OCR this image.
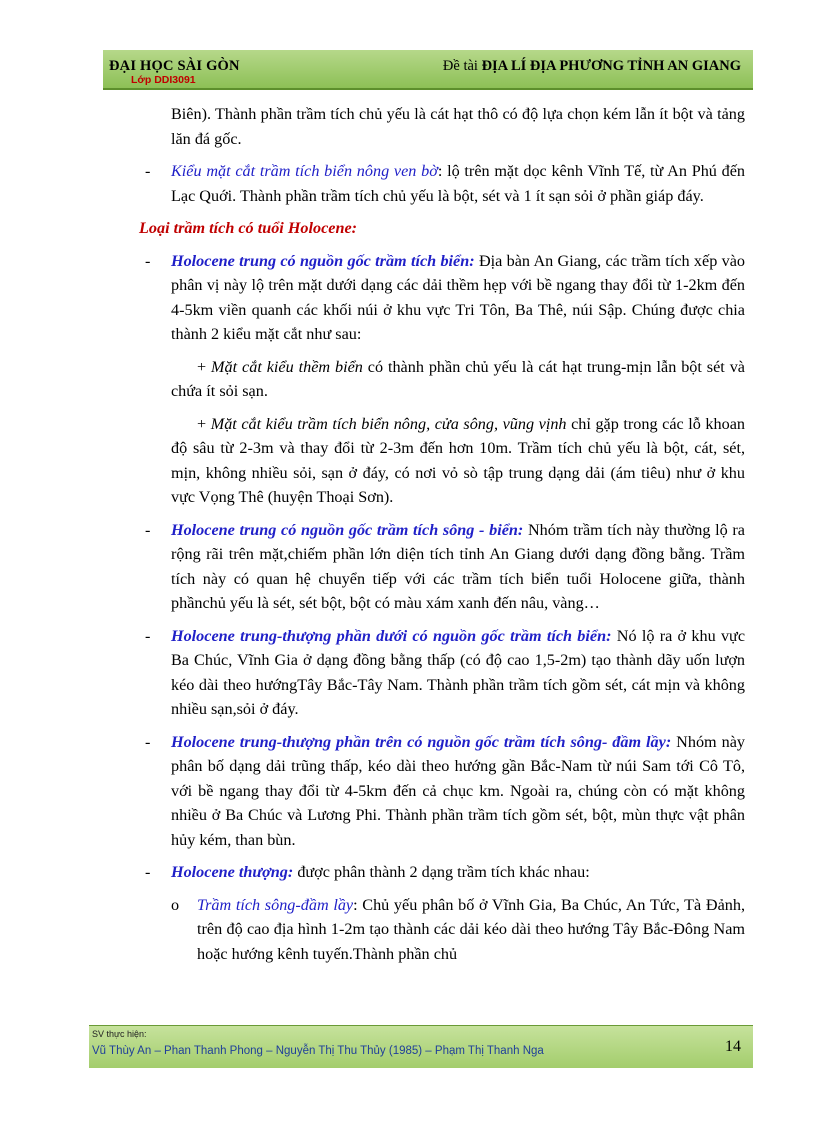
ĐẠI HỌC SÀI GÒN
Lớp DDI3091
Đề tài ĐỊA LÍ ĐỊA PHƯƠNG TỈNH AN GIANG

Biên). Thành phần trầm tích chủ yếu là cát hạt thô có độ lựa chọn kém lẫn ít bột và tảng lăn đá gốc.

- Kiểu mặt cắt trầm tích biển nông ven bờ: lộ trên mặt dọc kênh Vĩnh Tế, từ An Phú đến Lạc Quới. Thành phần trầm tích chủ yếu là bột, sét và 1 ít sạn sỏi ở phần giáp đáy.

Loại trầm tích có tuổi Holocene:

- Holocene trung có nguồn gốc trầm tích biển: Địa bàn An Giang, các trầm tích xếp vào phân vị này lộ trên mặt dưới dạng các dải thềm hẹp với bề ngang thay đổi từ 1-2km đến 4-5km viền quanh các khối núi ở khu vực Tri Tôn, Ba Thê, núi Sập. Chúng được chia thành 2 kiểu mặt cắt như sau:

+ Mặt cắt kiểu thềm biển có thành phần chủ yếu là cát hạt trung-mịn lẫn bột sét và chứa ít sỏi sạn.

+ Mặt cắt kiểu trầm tích biển nông, cửa sông, vũng vịnh chỉ gặp trong các lỗ khoan độ sâu từ 2-3m và thay đổi từ 2-3m đến hơn 10m. Trầm tích chủ yếu là bột, cát, sét, mịn, không nhiều sỏi, sạn ở đáy, có nơi vỏ sò tập trung dạng dải (ám tiêu) như ở khu vực Vọng Thê (huyện Thoại Sơn).

- Holocene trung có nguồn gốc trầm tích sông - biển: Nhóm trầm tích này thường lộ ra rộng rãi trên mặt,chiếm phần lớn diện tích tỉnh An Giang dưới dạng đồng bằng. Trầm tích này có quan hệ chuyển tiếp với các trầm tích biển tuổi Holocene giữa, thành phầnchủ yếu là sét, sét bột, bột có màu xám xanh đến nâu, vàng…
- Holocene trung-thượng phần dưới có nguồn gốc trầm tích biển: Nó lộ ra ở khu vực Ba Chúc, Vĩnh Gia ở dạng đồng bằng thấp (có độ cao 1,5-2m) tạo thành dãy uốn lượn kéo dài theo hướngTây Bắc-Tây Nam. Thành phần trầm tích gồm sét, cát mịn và không nhiều sạn,sỏi ở đáy.
- Holocene trung-thượng phần trên có nguồn gốc trầm tích sông- đầm lầy: Nhóm này phân bố dạng dải trũng thấp, kéo dài theo hướng gần Bắc-Nam từ núi Sam tới Cô Tô, với bề ngang thay đổi từ 4-5km đến cả chục km. Ngoài ra, chúng còn có mặt không nhiều ở Ba Chúc và Lương Phi. Thành phần trầm tích gồm sét, bột, mùn thực vật phân hủy kém, than bùn.
- Holocene thượng: được phân thành 2 dạng trầm tích khác nhau:
o Trầm tích sông-đầm lầy: Chủ yếu phân bố ở Vĩnh Gia, Ba Chúc, An Tức, Tà Đảnh, trên độ cao địa hình 1-2m tạo thành các dải kéo dài theo hướng Tây Bắc-Đông Nam hoặc hướng kênh tuyến.Thành phần chủ
SV thực hiện:
Vũ Thùy An – Phan Thanh Phong – Nguyễn Thị Thu Thủy (1985) – Phạm Thị Thanh Nga	14
